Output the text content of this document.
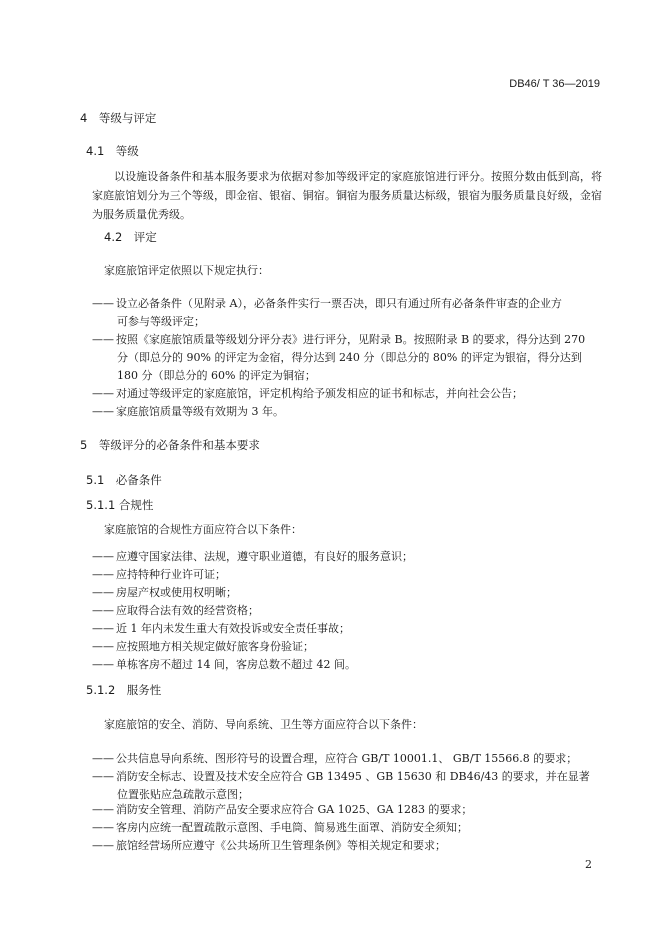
DB46/ T 36—2019
4　等级与评定
4.1　等级
以设施设备条件和基本服务要求为依据对参加等级评定的家庭旅馆进行评分。按照分数由低到高，将家庭旅馆划分为三个等级，即金宿、银宿、铜宿。铜宿为服务质量达标级，银宿为服务质量良好级，金宿为服务质量优秀级。
4.2　评定
家庭旅馆评定依照以下规定执行：
—— 设立必备条件（见附录 A），必备条件实行一票否决，即只有通过所有必备条件审查的企业方
可参与等级评定；
—— 按照《家庭旅馆质量等级划分评分表》进行评分，见附录 B。按照附录 B 的要求，得分达到 270
分（即总分的 90% 的评定为金宿，得分达到 240 分（即总分的 80% 的评定为银宿，得分达到
180 分（即总分的 60% 的评定为铜宿；
—— 对通过等级评定的家庭旅馆，评定机构给予颁发相应的证书和标志，并向社会公告；
—— 家庭旅馆质量等级有效期为 3 年。
5　等级评分的必备条件和基本要求
5.1　必备条件
5.1.1 合规性
家庭旅馆的合规性方面应符合以下条件：
—— 应遵守国家法律、法规，遵守职业道德，有良好的服务意识；
—— 应持特种行业许可证；
—— 房屋产权或使用权明晰；
—— 应取得合法有效的经营资格；
—— 近 1 年内未发生重大有效投诉或安全责任事故；
—— 应按照地方相关规定做好旅客身份验证；
—— 单栋客房不超过 14 间，客房总数不超过 42 间。
5.1.2　服务性
家庭旅馆的安全、消防、导向系统、卫生等方面应符合以下条件：
—— 公共信息导向系统、图形符号的设置合理，应符合 GB/T 10001.1、 GB/T 15566.8 的要求；
—— 消防安全标志、设置及技术安全应符合 GB 13495 、GB 15630 和 DB46/43 的要求，并在显著
位置张贴应急疏散示意图；
—— 消防安全管理、消防产品安全要求应符合 GA 1025、GA 1283 的要求；
—— 客房内应统一配置疏散示意图、手电筒、简易逃生面罩、消防安全须知；
—— 旅馆经营场所应遵守《公共场所卫生管理条例》等相关规定和要求；
2
